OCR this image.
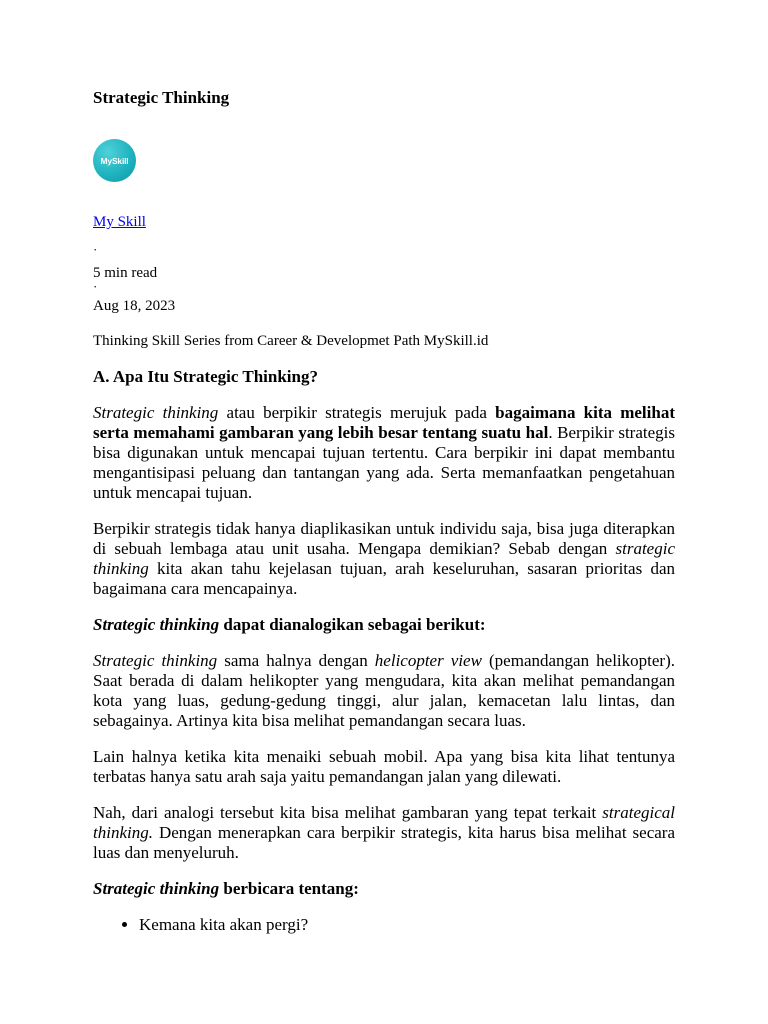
Strategic Thinking
MySkill
My Skill
·
5 min read
·
Aug 18, 2023
Thinking Skill Series from Career & Developmet Path MySkill.id
A. Apa Itu Strategic Thinking?

Strategic thinking atau berpikir strategis merujuk pada bagaimana kita melihat serta memahami gambaran yang lebih besar tentang suatu hal. Berpikir strategis bisa digunakan untuk mencapai tujuan tertentu. Cara berpikir ini dapat membantu mengantisipasi peluang dan tantangan yang ada. Serta memanfaatkan pengetahuan untuk mencapai tujuan.

Berpikir strategis tidak hanya diaplikasikan untuk individu saja, bisa juga diterapkan di sebuah lembaga atau unit usaha. Mengapa demikian? Sebab dengan strategic thinking kita akan tahu kejelasan tujuan, arah keseluruhan, sasaran prioritas dan bagaimana cara mencapainya.

Strategic thinking dapat dianalogikan sebagai berikut:

Strategic thinking sama halnya dengan helicopter view (pemandangan helikopter). Saat berada di dalam helikopter yang mengudara, kita akan melihat pemandangan kota yang luas, gedung-gedung tinggi, alur jalan, kemacetan lalu lintas, dan sebagainya. Artinya kita bisa melihat pemandangan secara luas.

Lain halnya ketika kita menaiki sebuah mobil. Apa yang bisa kita lihat tentunya terbatas hanya satu arah saja yaitu pemandangan jalan yang dilewati.

Nah, dari analogi tersebut kita bisa melihat gambaran yang tepat terkait strategical thinking. Dengan menerapkan cara berpikir strategis, kita harus bisa melihat secara luas dan menyeluruh.

Strategic thinking berbicara tentang:

• Kemana kita akan pergi?
